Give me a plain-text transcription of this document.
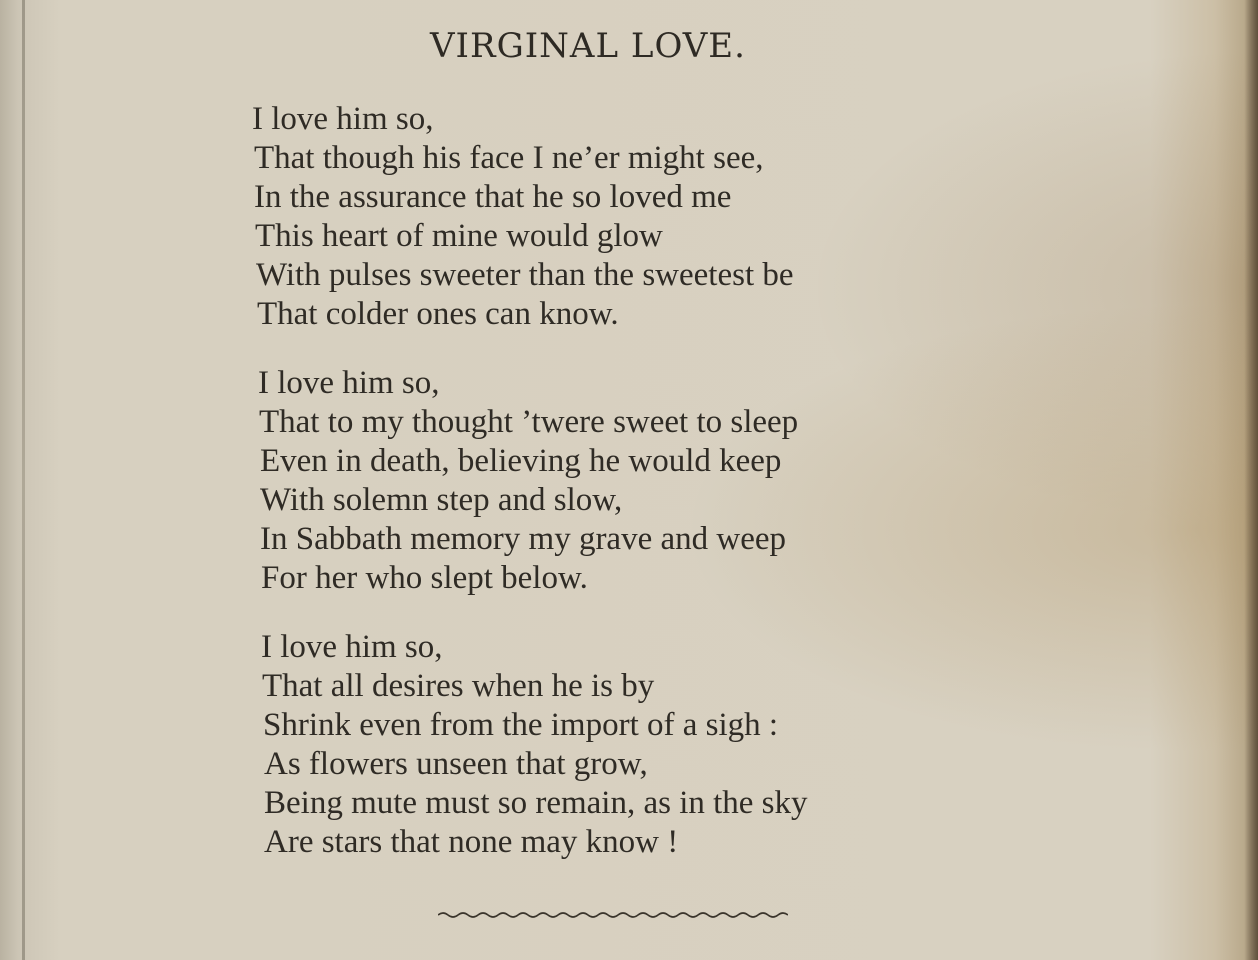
VIRGINAL LOVE.
I love him so,
That though his face I ne’er might see,
In the assurance that he so loved me
This heart of mine would glow
With pulses sweeter than the sweetest be
That colder ones can know.
I love him so,
That to my thought ’twere sweet to sleep
Even in death, believing he would keep
With solemn step and slow,
In Sabbath memory my grave and weep
For her who slept below.
I love him so,
That all desires when he is by
Shrink even from the import of a sigh :
As flowers unseen that grow,
Being mute must so remain, as in the sky
Are stars that none may know !
